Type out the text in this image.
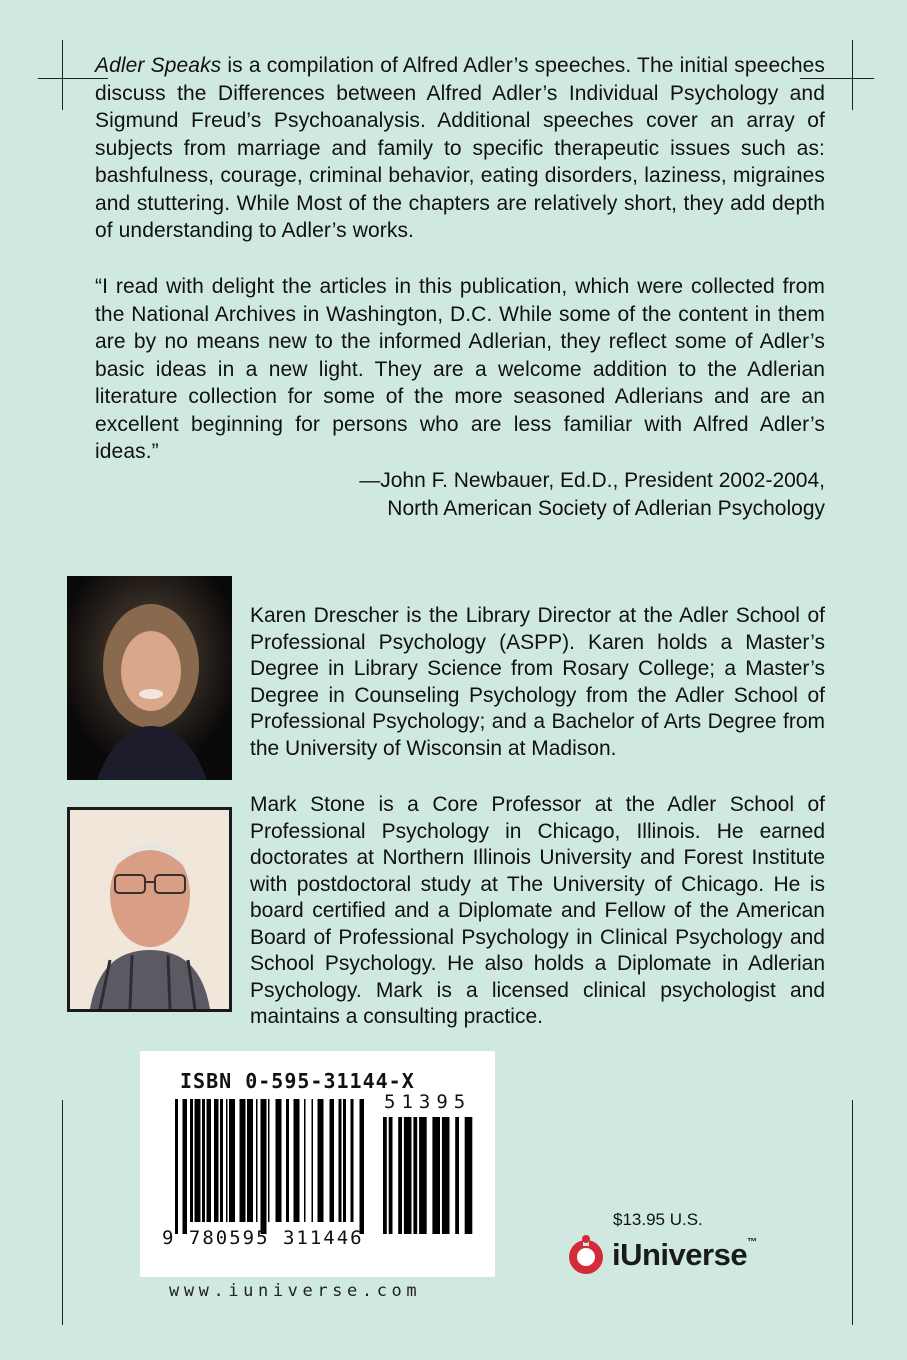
Adler Speaks is a compilation of Alfred Adler’s speeches. The initial speeches discuss the Differences between Alfred Adler’s Individual Psychology and Sigmund Freud’s Psychoanalysis. Additional speeches cover an array of subjects from marriage and family to specific therapeutic issues such as: bashfulness, courage, criminal behavior, eating disorders, laziness, migraines and stuttering. While Most of the chapters are relatively short, they add depth of understanding to Adler’s works.
“I read with delight the articles in this publication, which were collected from the National Archives in Washington, D.C. While some of the content in them are by no means new to the informed Adlerian, they reflect some of Adler’s basic ideas in a new light. They are a welcome addition to the Adlerian literature collection for some of the more seasoned Adlerians and are an excellent beginning for persons who are less familiar with Alfred Adler’s ideas.”
—John F. Newbauer, Ed.D., President 2002-2004,
North American Society of Adlerian Psychology
Karen Drescher is the Library Director at the Adler School of Professional Psychology (ASPP). Karen holds a Master’s Degree in Library Science from Rosary College; a Master’s Degree in Counseling Psychology from the Adler School of Professional Psychology; and a Bachelor of Arts Degree from the University of Wisconsin at Madison.
Mark Stone is a Core Professor at the Adler School of Professional Psychology in Chicago, Illinois. He earned doctorates at Northern Illinois University and Forest Institute with postdoctoral study at The University of Chicago. He is board certified and a Diplomate and Fellow of the American Board of Professional Psychology in Clinical Psychology and School Psychology. He also holds a Diplomate in Adlerian Psychology. Mark is a licensed clinical psychologist and maintains a consulting practice.
ISBN 0-595-31144-X
51395
9 780595 311446
www.iuniverse.com
$13.95 U.S.
iUniverse™
